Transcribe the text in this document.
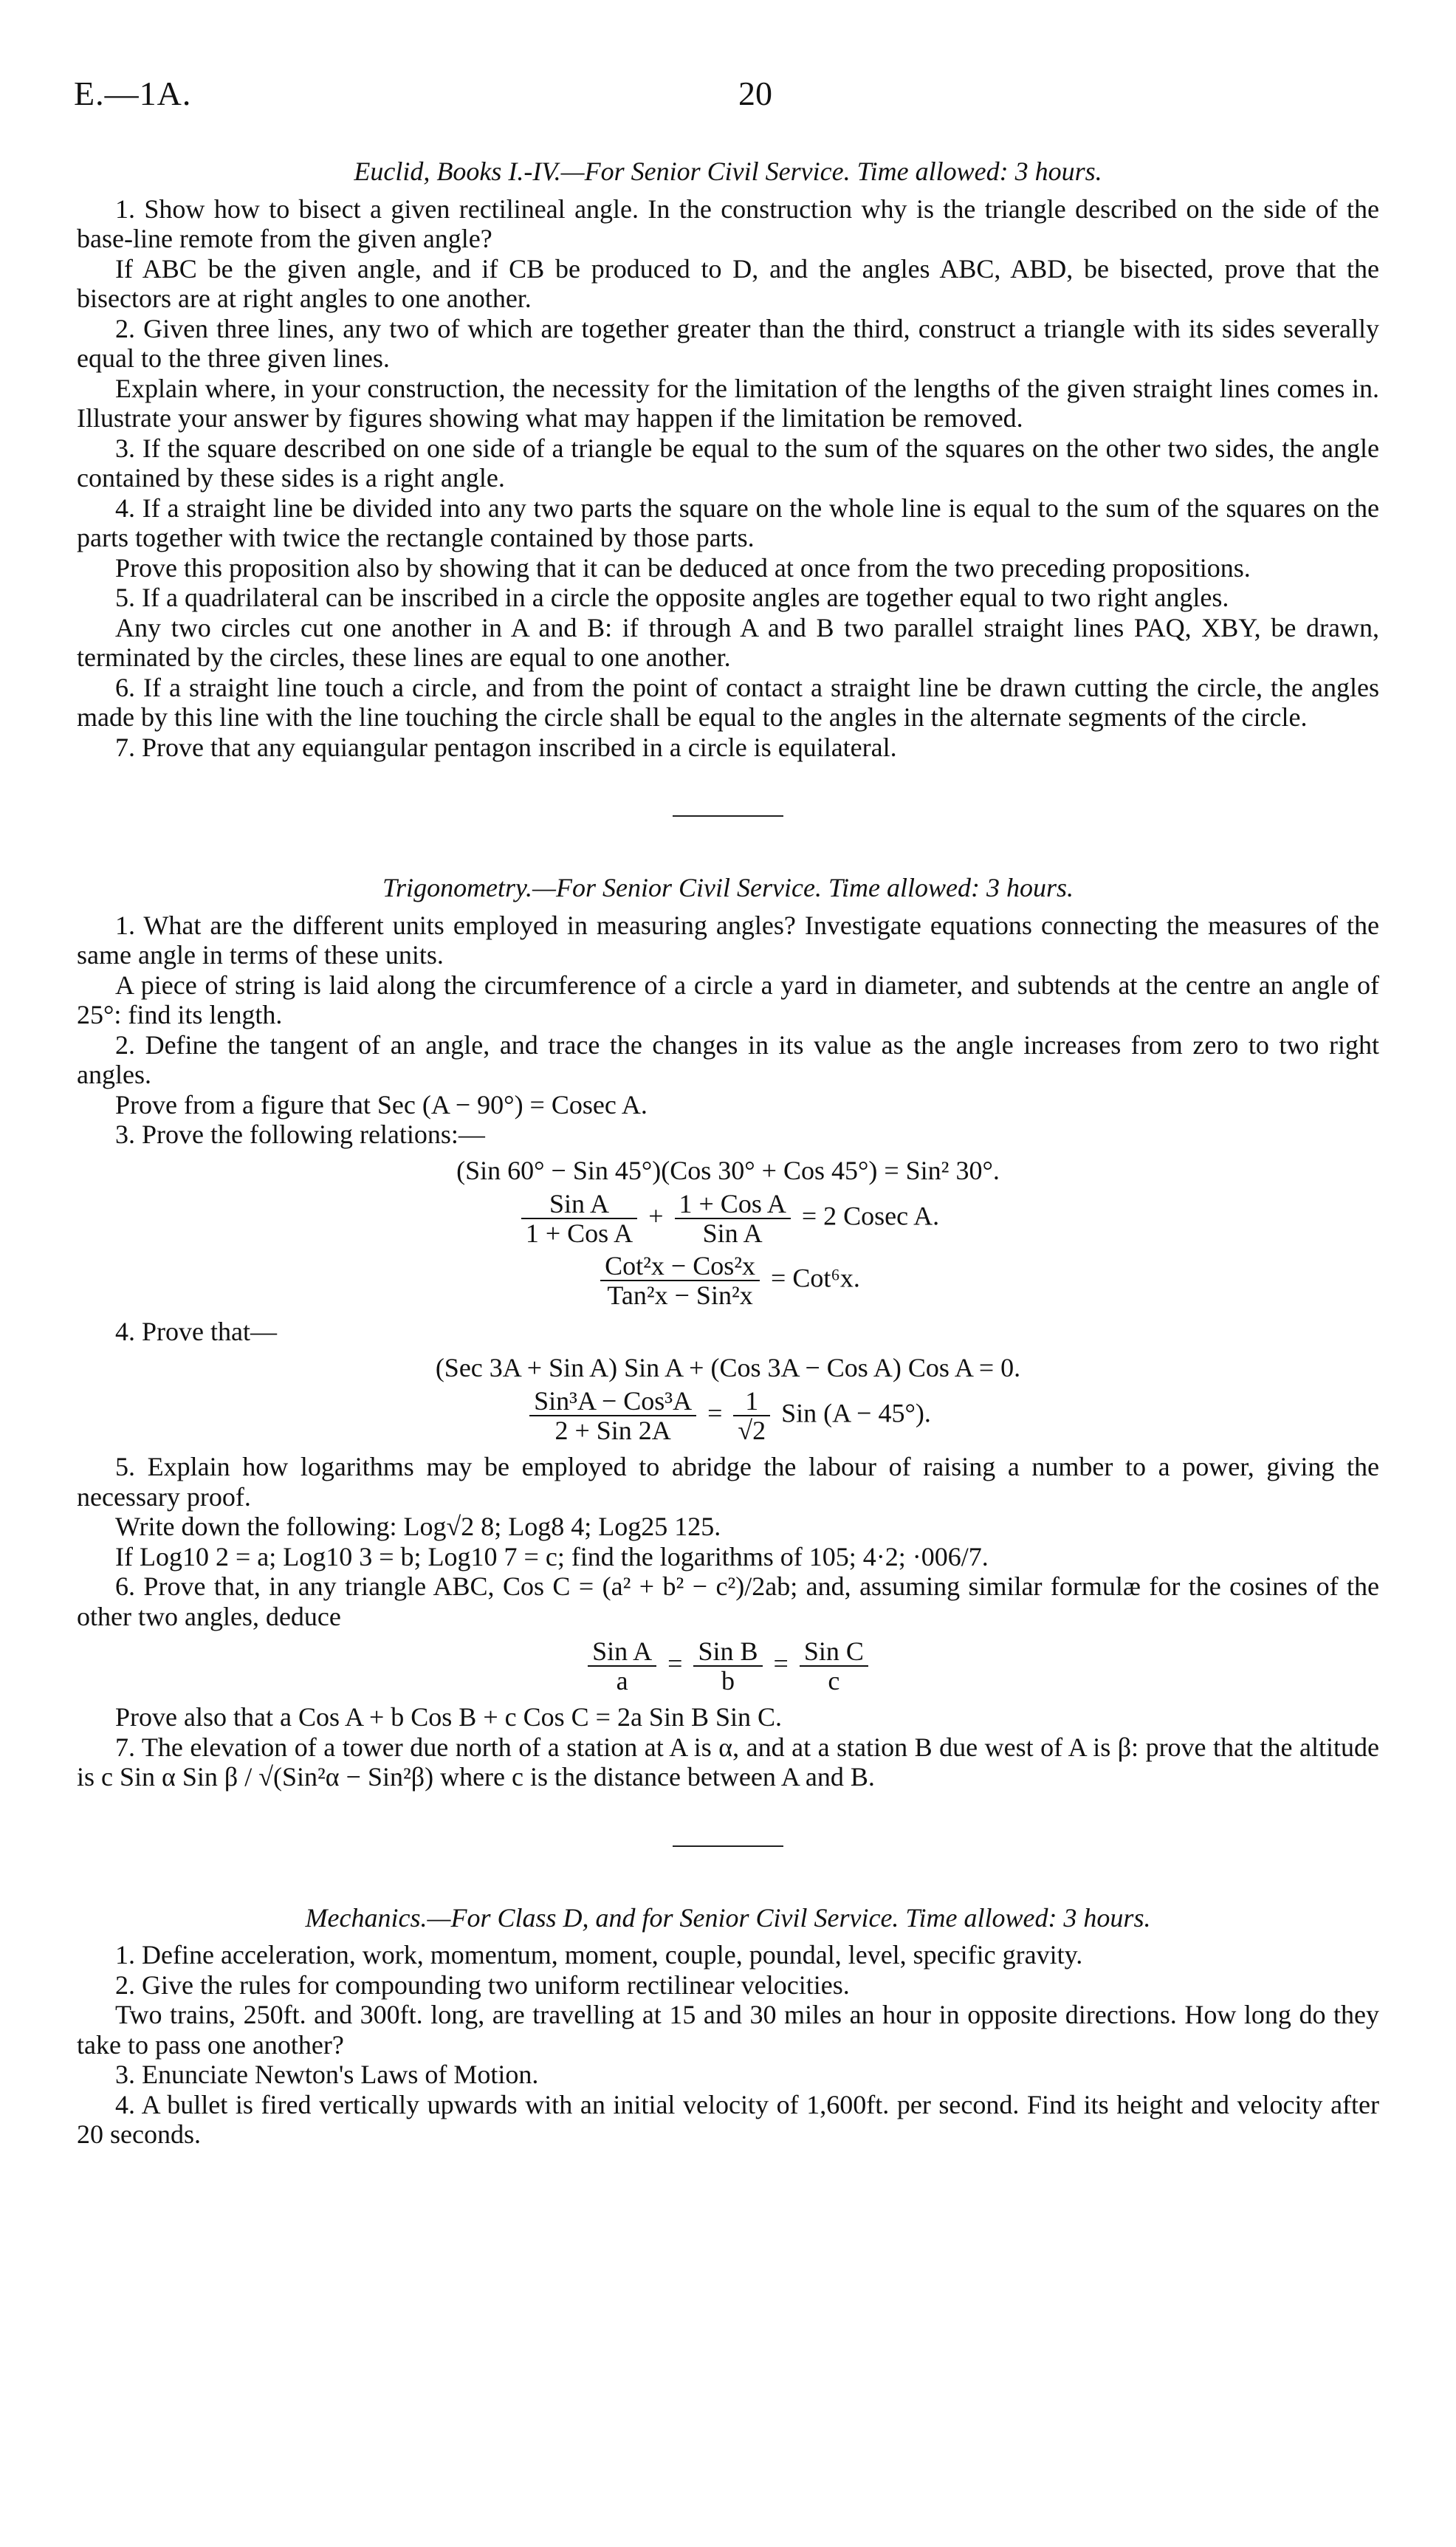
E.—1A.	20
Euclid, Books I.-IV.—For Senior Civil Service. Time allowed: 3 hours.

1. Show how to bisect a given rectilineal angle. In the construction why is the triangle described on the side of the base-line remote from the given angle?

If ABC be the given angle, and if CB be produced to D, and the angles ABC, ABD, be bisected, prove that the bisectors are at right angles to one another.

2. Given three lines, any two of which are together greater than the third, construct a triangle with its sides severally equal to the three given lines.

Explain where, in your construction, the necessity for the limitation of the lengths of the given straight lines comes in. Illustrate your answer by figures showing what may happen if the limitation be removed.

3. If the square described on one side of a triangle be equal to the sum of the squares on the other two sides, the angle contained by these sides is a right angle.

4. If a straight line be divided into any two parts the square on the whole line is equal to the sum of the squares on the parts together with twice the rectangle contained by those parts.

Prove this proposition also by showing that it can be deduced at once from the two preceding propositions.

5. If a quadrilateral can be inscribed in a circle the opposite angles are together equal to two right angles.

Any two circles cut one another in A and B: if through A and B two parallel straight lines PAQ, XBY, be drawn, terminated by the circles, these lines are equal to one another.

6. If a straight line touch a circle, and from the point of contact a straight line be drawn cutting the circle, the angles made by this line with the line touching the circle shall be equal to the angles in the alternate segments of the circle.

7. Prove that any equiangular pentagon inscribed in a circle is equilateral.

Trigonometry.—For Senior Civil Service. Time allowed: 3 hours.

1. What are the different units employed in measuring angles? Investigate equations connecting the measures of the same angle in terms of these units.

A piece of string is laid along the circumference of a circle a yard in diameter, and subtends at the centre an angle of 25°: find its length.

2. Define the tangent of an angle, and trace the changes in its value as the angle increases from zero to two right angles.

Prove from a figure that Sec (A − 90°) = Cosec A.

3. Prove the following relations:—

(Sin 60° − Sin 45°)(Cos 30° + Cos 45°) = Sin² 30°.

$\frac{\text{Sin A}}{\text{1 + Cos A}} + \frac{\text{1 + Cos A}}{\text{Sin A}} = 2$ Cosec A.

$\frac{\text{Cot²x − Cos²x}}{\text{Tan²x − Sin²x}} = Cot^6x$.

4. Prove that—

(Sec 3A + Sin A) Sin A + (Cos 3A − Cos A) Cos A = 0.

$\frac{\text{Sin³A − Cos³A}}{\text{2 + Sin 2A}} = \frac{1}{√2}$ Sin (A − 45°).

5. Explain how logarithms may be employed to abridge the labour of raising a number to a power, giving the necessary proof.

Write down the following: Log√2 8; Log8 4; Log25 125.

If Log10 2 = a; Log10 3 = b; Log10 7 = c; find the logarithms of 105; 4·2; ·006/7.

6. Prove that, in any triangle ABC, Cos C = (a² + b² − c²)/2ab; and, assuming similar formulæ for the cosines of the other two angles, deduce

$\frac{\text{Sin A}}{a} = \frac{\text{Sin B}}{b} = \frac{\text{Sin C}}{c}$

Prove also that a Cos A + b Cos B + c Cos C = 2a Sin B Sin C.

7. The elevation of a tower due north of a station at A is α, and at a station B due west of A is β: prove that the altitude is c Sin α Sin β / √(Sin²α − Sin²β) where c is the distance between A and B.

Mechanics.—For Class D, and for Senior Civil Service. Time allowed: 3 hours.

1. Define acceleration, work, momentum, moment, couple, poundal, level, specific gravity.

2. Give the rules for compounding two uniform rectilinear velocities.

Two trains, 250ft. and 300ft. long, are travelling at 15 and 30 miles an hour in opposite directions. How long do they take to pass one another?

3. Enunciate Newton's Laws of Motion.

4. A bullet is fired vertically upwards with an initial velocity of 1,600ft. per second. Find its height and velocity after 20 seconds.
